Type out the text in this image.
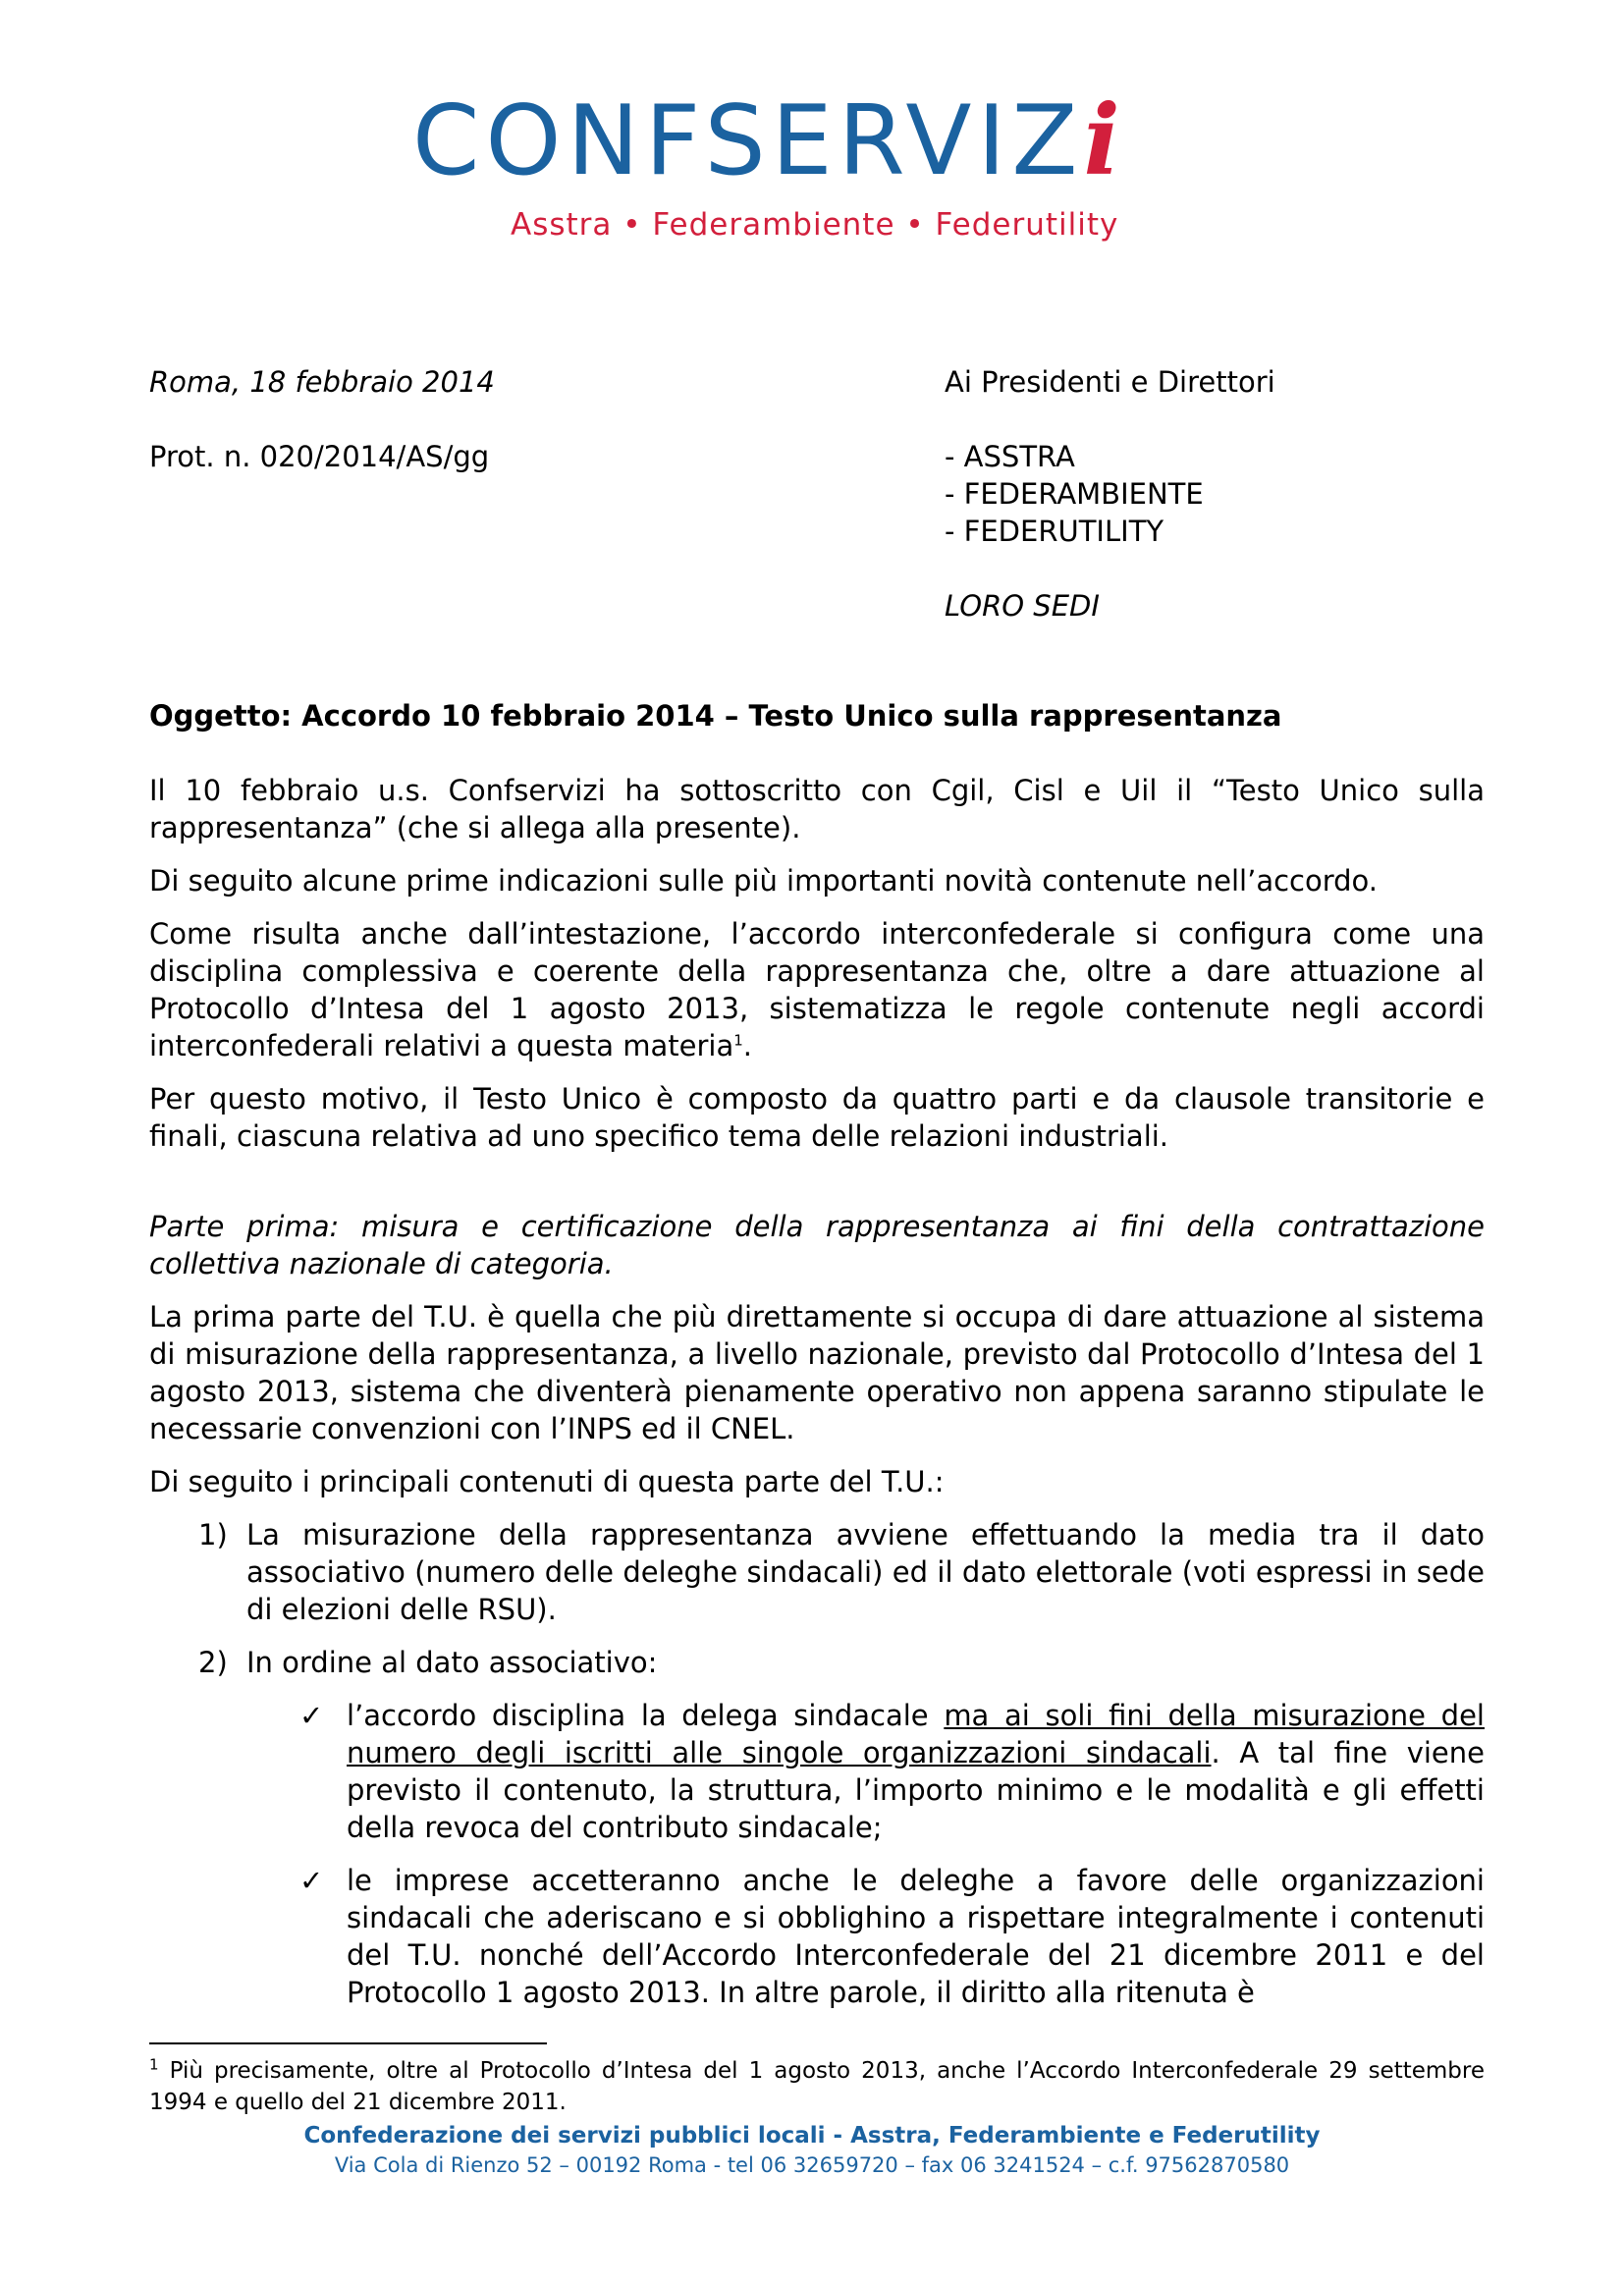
CONFSERVIZi
Asstra • Federambiente • Federutility
Roma, 18 febbraio 2014
Prot. n. 020/2014/AS/gg
Ai Presidenti e Direttori
- ASSTRA
- FEDERAMBIENTE
- FEDERUTILITY
LORO SEDI
Oggetto: Accordo 10 febbraio 2014 – Testo Unico sulla rappresentanza
Il 10 febbraio u.s. Confservizi ha sottoscritto con Cgil, Cisl e Uil il “Testo Unico sulla rappresentanza” (che si allega alla presente).
Di seguito alcune prime indicazioni sulle più importanti novità contenute nell’accordo.
Come risulta anche dall’intestazione, l’accordo interconfederale si configura come una disciplina complessiva e coerente della rappresentanza che, oltre a dare attuazione al Protocollo d’Intesa del 1 agosto 2013, sistematizza le regole contenute negli accordi interconfederali relativi a questa materia$^1$.
Per questo motivo, il Testo Unico è composto da quattro parti e da clausole transitorie e finali, ciascuna relativa ad uno specifico tema delle relazioni industriali.
Parte prima: misura e certificazione della rappresentanza ai fini della contrattazione collettiva nazionale di categoria.
La prima parte del T.U. è quella che più direttamente si occupa di dare attuazione al sistema di misurazione della rappresentanza, a livello nazionale, previsto dal Protocollo d’Intesa del 1 agosto 2013, sistema che diventerà pienamente operativo non appena saranno stipulate le necessarie convenzioni con l’INPS ed il CNEL.
Di seguito i principali contenuti di questa parte del T.U.:
1) La misurazione della rappresentanza avviene effettuando la media tra il dato associativo (numero delle deleghe sindacali) ed il dato elettorale (voti espressi in sede di elezioni delle RSU).
2) In ordine al dato associativo:
✓ l’accordo disciplina la delega sindacale ma ai soli fini della misurazione del numero degli iscritti alle singole organizzazioni sindacali. A tal fine viene previsto il contenuto, la struttura, l’importo minimo e le modalità e gli effetti della revoca del contributo sindacale;
✓ le imprese accetteranno anche le deleghe a favore delle organizzazioni sindacali che aderiscano e si obblighino a rispettare integralmente i contenuti del T.U. nonché dell’Accordo Interconfederale del 21 dicembre 2011 e del Protocollo 1 agosto 2013. In altre parole, il diritto alla ritenuta è
$^1$ Più precisamente, oltre al Protocollo d’Intesa del 1 agosto 2013, anche l’Accordo Interconfederale 29 settembre 1994 e quello del 21 dicembre 2011.
Confederazione dei servizi pubblici locali - Asstra, Federambiente e Federutility
Via Cola di Rienzo 52 – 00192 Roma - tel 06 32659720 – fax 06 3241524 – c.f. 97562870580
